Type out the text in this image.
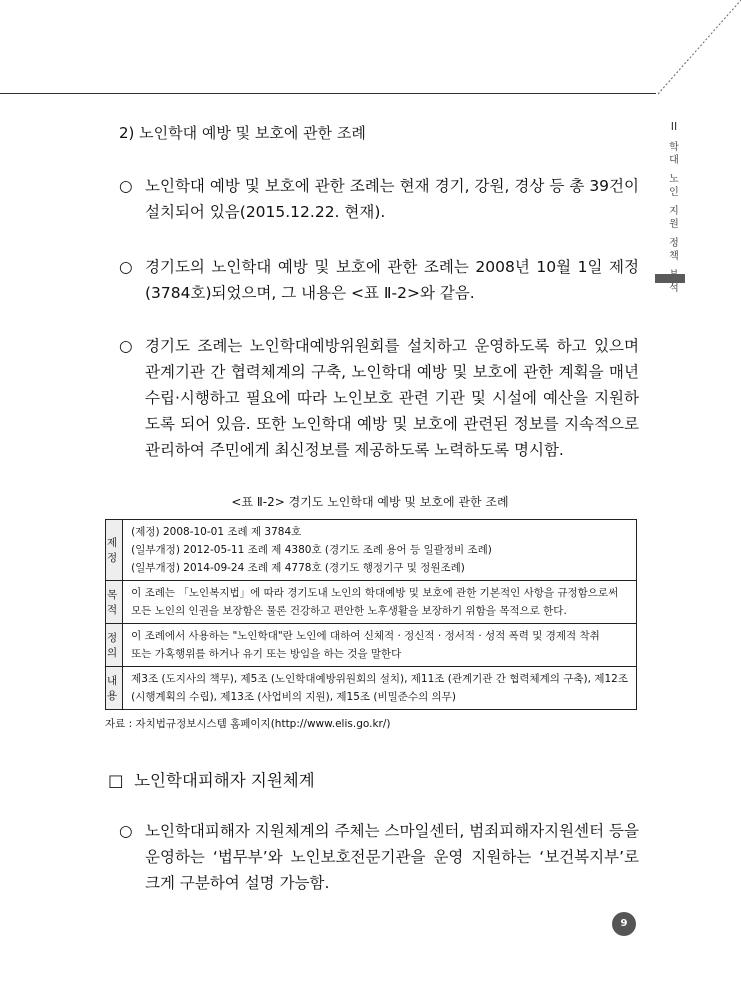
II
학
대
노
인
지
원
정
책
석
2) 노인학대 예방 및 보호에 관한 조례
○ 노인학대 예방 및 보호에 관한 조례는 현재 경기, 강원, 경상 등 총 39건이 설치되어 있음(2015.12.22. 현재).
○ 경기도의 노인학대 예방 및 보호에 관한 조례는 2008년 10월 1일 제정(3784호)되었으며, 그 내용은 <표 Ⅱ-2>와 같음.
○ 경기도 조례는 노인학대예방위원회를 설치하고 운영하도록 하고 있으며 관계기관 간 협력체계의 구축, 노인학대 예방 및 보호에 관한 계획을 매년 수립·시행하고 필요에 따라 노인보호 관련 기관 및 시설에 예산을 지원하도록 되어 있음. 또한 노인학대 예방 및 보호에 관련된 정보를 지속적으로 관리하여 주민에게 최신정보를 제공하도록 노력하도록 명시함.
<표 Ⅱ-2> 경기도 노인학대 예방 및 보호에 관한 조례
제 정	(제정) 2008-10-01 조례 제 3784호
(일부개정) 2012-05-11 조례 제 4380호 (경기도 조례 용어 등 일괄정비 조례)
(일부개정) 2014-09-24 조례 제 4778호 (경기도 행정기구 및 정원조례)

목 적	이 조례는 「노인복지법」에 따라 경기도내 노인의 학대예방 및 보호에 관한 기본적인 사항을 규정함으로써
모든 노인의 인권을 보장함은 물론 건강하고 편안한 노후생활을 보장하기 위함을 목적으로 한다.

정 의	이 조례에서 사용하는 "노인학대"란 노인에 대하여 신체적 · 정신적 · 정서적 · 성적 폭력 및 경제적 착취
또는 가혹행위를 하거나 유기 또는 방임을 하는 것을 말한다

내 용	제3조 (도지사의 책무), 제5조 (노인학대예방위원회의 설치), 제11조 (관계기관 간 협력체계의 구축), 제12조
(시행계획의 수립), 제13조 (사업비의 지원), 제15조 (비밀준수의 의무)
자료 : 자치법규정보시스템 홈페이지(http://www.elis.go.kr/)
□ 노인학대피해자 지원체계
○ 노인학대피해자 지원체계의 주체는 스마일센터, 범죄피해자지원센터 등을 운영하는 ‘법무부’와 노인보호전문기관을 운영 지원하는 ‘보건복지부’로 크게 구분하여 설명 가능함.
9
